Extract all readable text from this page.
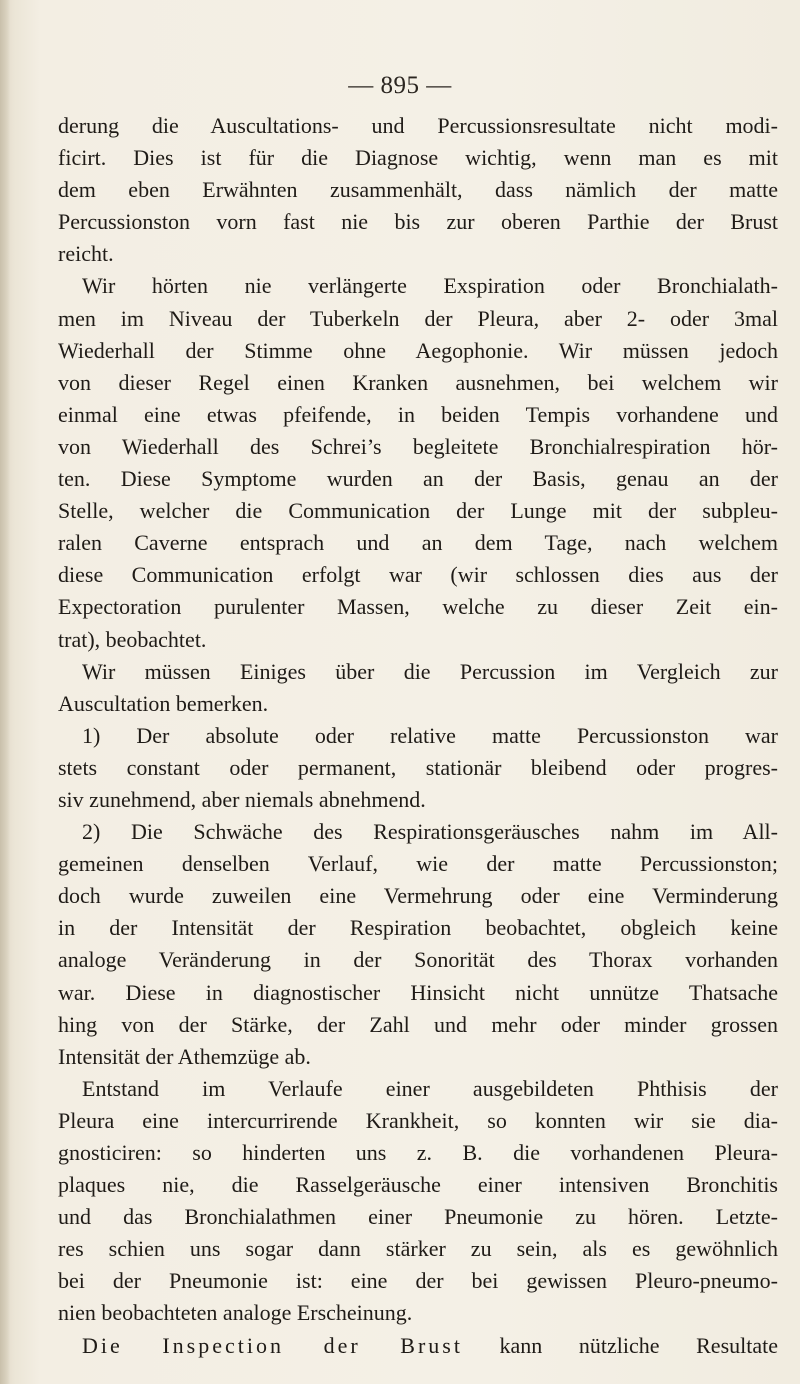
— 895 —
derung die Auscultations- und Percussionsresultate nicht modi-
ficirt. Dies ist für die Diagnose wichtig, wenn man es mit
dem eben Erwähnten zusammenhält, dass nämlich der matte
Percussionston vorn fast nie bis zur oberen Parthie der Brust
reicht.
Wir hörten nie verlängerte Exspiration oder Bronchialath-
men im Niveau der Tuberkeln der Pleura, aber 2- oder 3mal
Wiederhall der Stimme ohne Aegophonie. Wir müssen jedoch
von dieser Regel einen Kranken ausnehmen, bei welchem wir
einmal eine etwas pfeifende, in beiden Tempis vorhandene und
von Wiederhall des Schrei’s begleitete Bronchialrespiration hör-
ten. Diese Symptome wurden an der Basis, genau an der
Stelle, welcher die Communication der Lunge mit der subpleu-
ralen Caverne entsprach und an dem Tage, nach welchem
diese Communication erfolgt war (wir schlossen dies aus der
Expectoration purulenter Massen, welche zu dieser Zeit ein-
trat), beobachtet.
Wir müssen Einiges über die Percussion im Vergleich zur
Auscultation bemerken.
1) Der absolute oder relative matte Percussionston war
stets constant oder permanent, stationär bleibend oder progres-
siv zunehmend, aber niemals abnehmend.
2) Die Schwäche des Respirationsgeräusches nahm im All-
gemeinen denselben Verlauf, wie der matte Percussionston;
doch wurde zuweilen eine Vermehrung oder eine Verminderung
in der Intensität der Respiration beobachtet, obgleich keine
analoge Veränderung in der Sonorität des Thorax vorhanden
war. Diese in diagnostischer Hinsicht nicht unnütze Thatsache
hing von der Stärke, der Zahl und mehr oder minder grossen
Intensität der Athemzüge ab.
Entstand im Verlaufe einer ausgebildeten Phthisis der
Pleura eine intercurrirende Krankheit, so konnten wir sie dia-
gnosticiren: so hinderten uns z. B. die vorhandenen Pleura-
plaques nie, die Rasselgeräusche einer intensiven Bronchitis
und das Bronchialathmen einer Pneumonie zu hören. Letzte-
res schien uns sogar dann stärker zu sein, als es gewöhnlich
bei der Pneumonie ist: eine der bei gewissen Pleuro-pneumo-
nien beobachteten analoge Erscheinung.
Die Inspection der Brust kann nützliche Resultate
